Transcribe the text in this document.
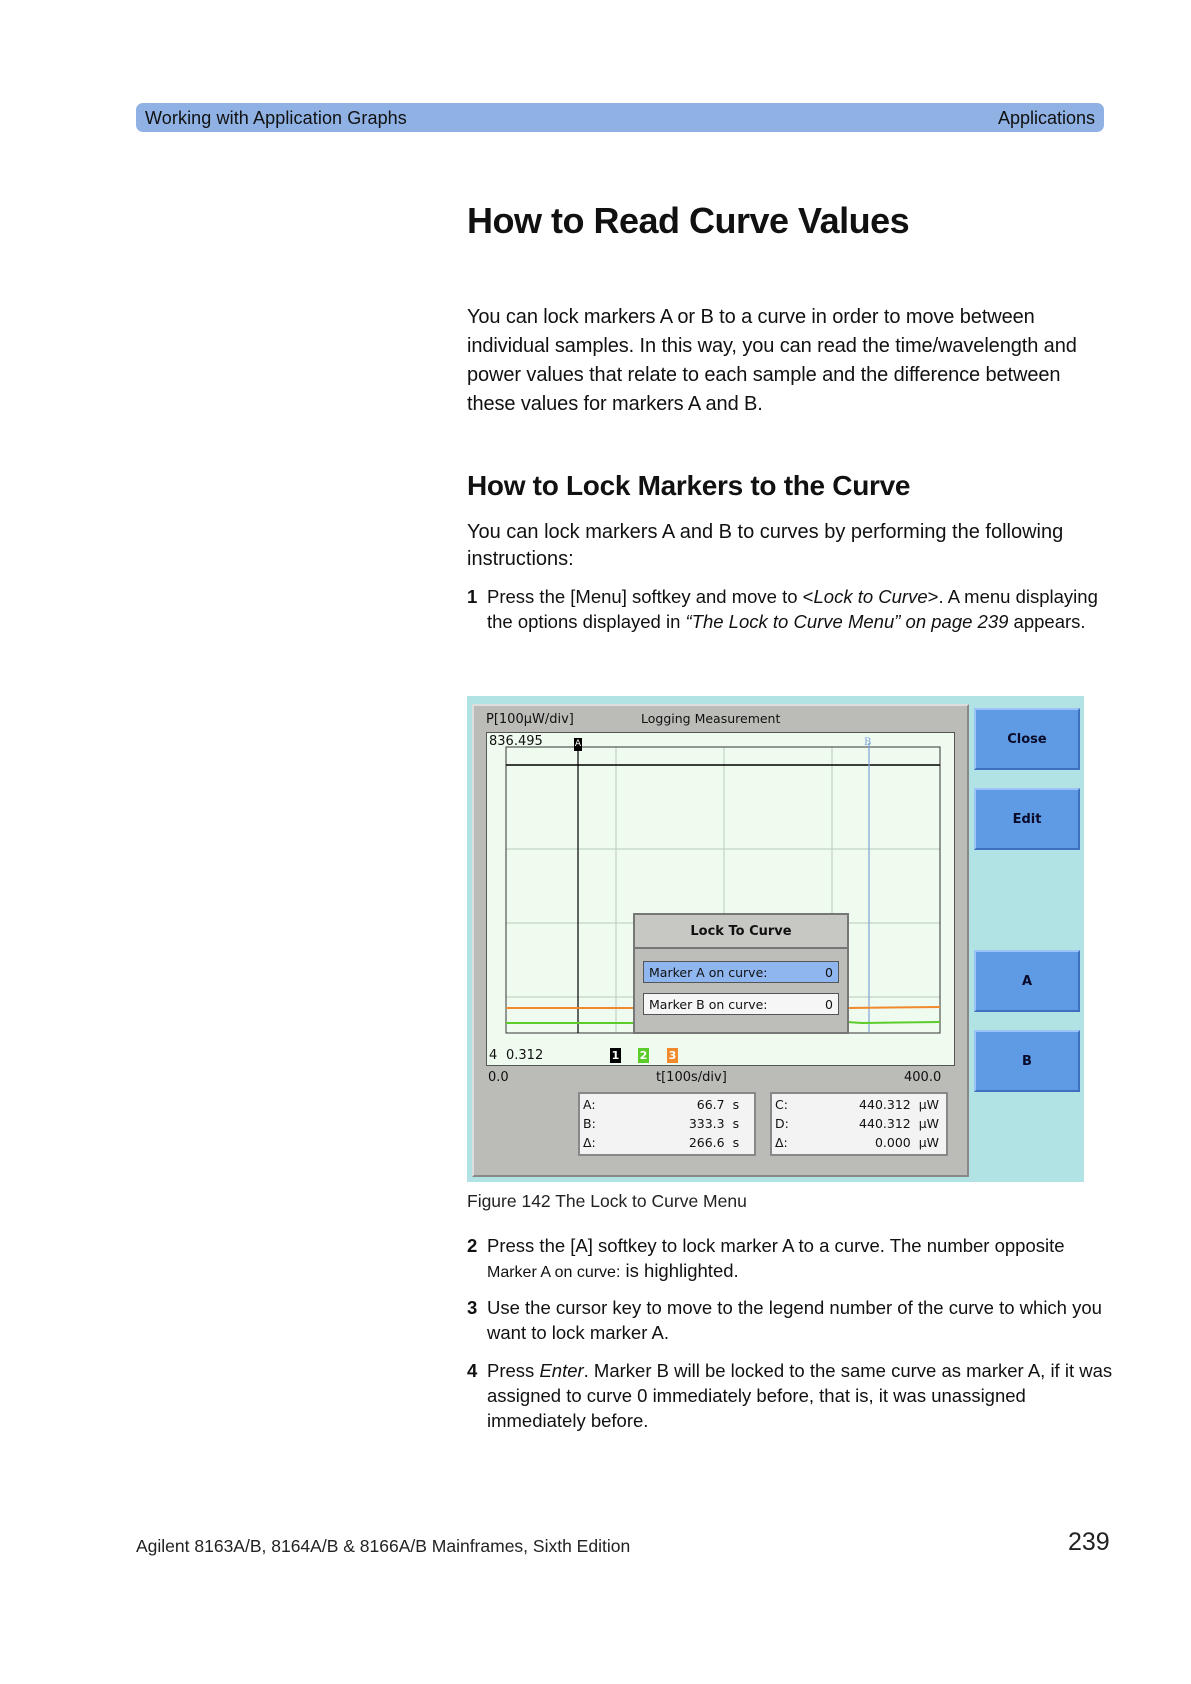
Working with Application Graphs	Applications
How to Read Curve Values

You can lock markers A or B to a curve in order to move between individual samples. In this way, you can read the time/wavelength and power values that relate to each sample and the difference between these values for markers A and B.

How to Lock Markers to the Curve

You can lock markers A and B to curves by performing the following instructions:

1 Press the [Menu] softkey and move to <Lock to Curve>. A menu displaying the options displayed in “The Lock to Curve Menu” on page 239 appears.
P[100µW/div]	Logging Measurement
836.495	A	B
4 0.312	1 2 3
Lock To Curve
Marker A on curve:	0
Marker B on curve:	0
0.0	t[100s/div]	400.0
A:	66.7 s
B:	333.3 s
Δ:	266.6 s
C:	440.312 µW
D:	440.312 µW
Δ:	0.000 µW
Close
Edit
A
B
Figure 142 The Lock to Curve Menu
2 Press the [A] softkey to lock marker A to a curve. The number opposite
Marker A on curve: is highlighted.
3 Use the cursor key to move to the legend number of the curve to which you want to lock marker A.
4 Press Enter. Marker B will be locked to the same curve as marker A, if it was assigned to curve 0 immediately before, that is, it was unassigned immediately before.
Agilent 8163A/B, 8164A/B & 8166A/B Mainframes, Sixth Edition	239
